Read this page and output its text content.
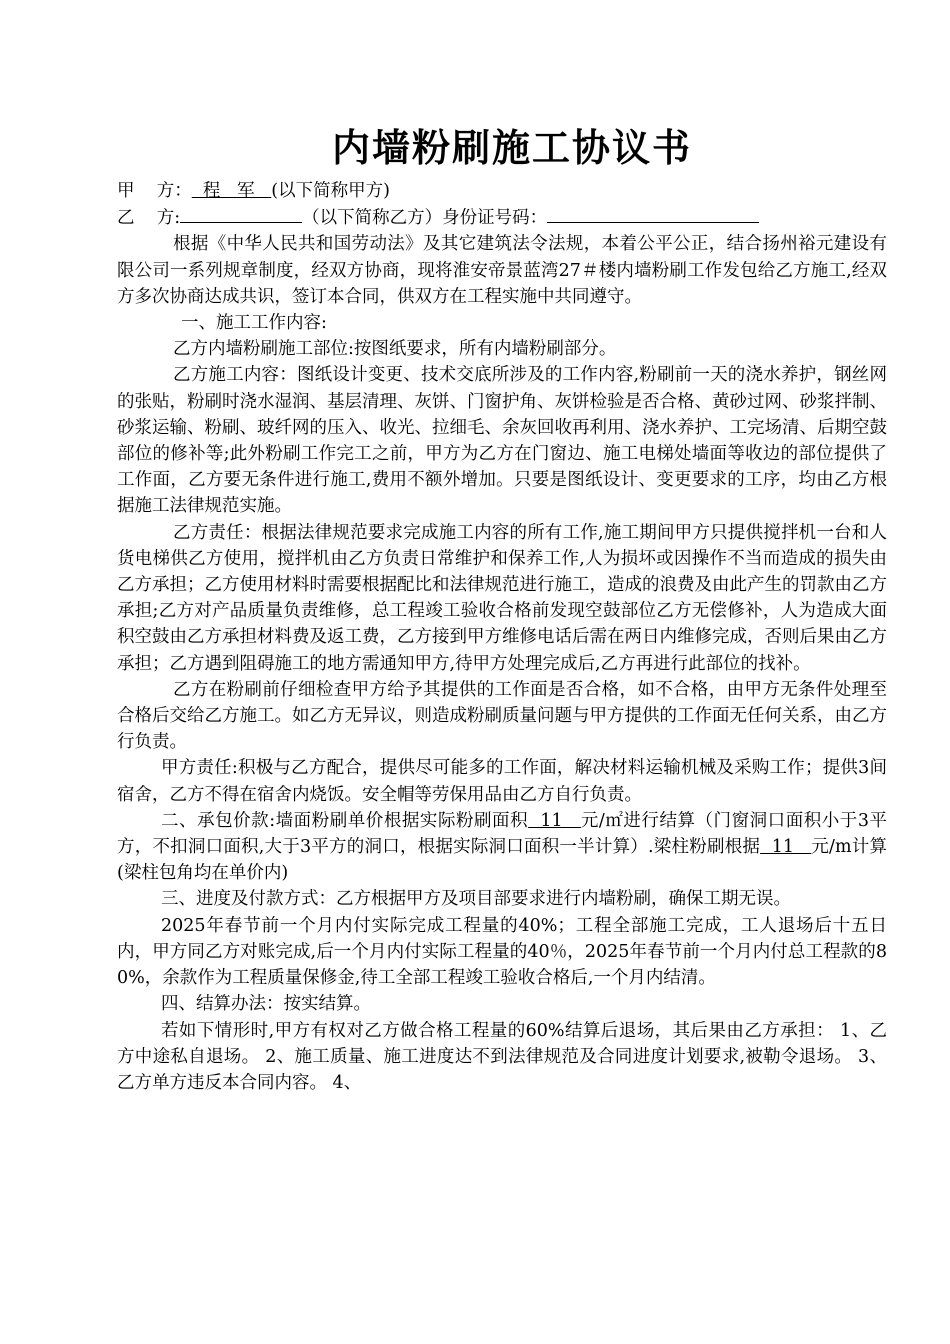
内墙粉刷施工协议书
甲    方：  程   军   (以下简称甲方)
乙    方:	（以下简称乙方）身份证号码：
根据《中华人民共和国劳动法》及其它建筑法令法规，本着公平公正，结合扬州裕元建设有限公司一系列规章制度，经双方协商，现将淮安帝景蓝湾27＃楼内墙粉刷工作发包给乙方施工,经双方多次协商达成共识，签订本合同，供双方在工程实施中共同遵守。
一、施工工作内容:
乙方内墙粉刷施工部位:按图纸要求，所有内墙粉刷部分。
乙方施工内容：图纸设计变更、技术交底所涉及的工作内容,粉刷前一天的浇水养护，钢丝网的张贴，粉刷时浇水湿润、基层清理、灰饼、门窗护角、灰饼检验是否合格、黄砂过网、砂浆拌制、砂浆运输、粉刷、玻纤网的压入、收光、拉细毛、余灰回收再利用、浇水养护、工完场清、后期空鼓部位的修补等;此外粉刷工作完工之前，甲方为乙方在门窗边、施工电梯处墙面等收边的部位提供了工作面，乙方要无条件进行施工,费用不额外增加。只要是图纸设计、变更要求的工序，均由乙方根据施工法律规范实施。
乙方责任：根据法律规范要求完成施工内容的所有工作,施工期间甲方只提供搅拌机一台和人货电梯供乙方使用，搅拌机由乙方负责日常维护和保养工作,人为损坏或因操作不当而造成的损失由乙方承担；乙方使用材料时需要根据配比和法律规范进行施工，造成的浪费及由此产生的罚款由乙方承担;乙方对产品质量负责维修，总工程竣工验收合格前发现空鼓部位乙方无偿修补，人为造成大面积空鼓由乙方承担材料费及返工费，乙方接到甲方维修电话后需在两日内维修完成，否则后果由乙方承担；乙方遇到阻碍施工的地方需通知甲方,待甲方处理完成后,乙方再进行此部位的找补。
乙方在粉刷前仔细检查甲方给予其提供的工作面是否合格，如不合格，由甲方无条件处理至合格后交给乙方施工。如乙方无异议，则造成粉刷质量问题与甲方提供的工作面无任何关系，由乙方行负责。
甲方责任:积极与乙方配合，提供尽可能多的工作面，解决材料运输机械及采购工作；提供3间宿舍，乙方不得在宿舍内烧饭。安全帽等劳保用品由乙方自行负责。
二、承包价款:墙面粉刷单价根据实际粉刷面积  11   元/㎡进行结算（门窗洞口面积小于3平方，不扣洞口面积,大于3平方的洞口，根据实际洞口面积一半计算）.梁柱粉刷根据  11   元/m计算(梁柱包角均在单价内)
三、进度及付款方式：乙方根据甲方及项目部要求进行内墙粉刷，确保工期无误。
2025年春节前一个月内付实际完成工程量的40%；工程全部施工完成，工人退场后十五日内，甲方同乙方对账完成,后一个月内付实际工程量的40％，2025年春节前一个月内付总工程款的80%，余款作为工程质量保修金,待工全部工程竣工验收合格后,一个月内结清。
四、结算办法：按实结算。
若如下情形时,甲方有权对乙方做合格工程量的60%结算后退场，其后果由乙方承担： 1、乙方中途私自退场。 2、施工质量、施工进度达不到法律规范及合同进度计划要求,被勒令退场。 3、乙方单方违反本合同内容。 4、
